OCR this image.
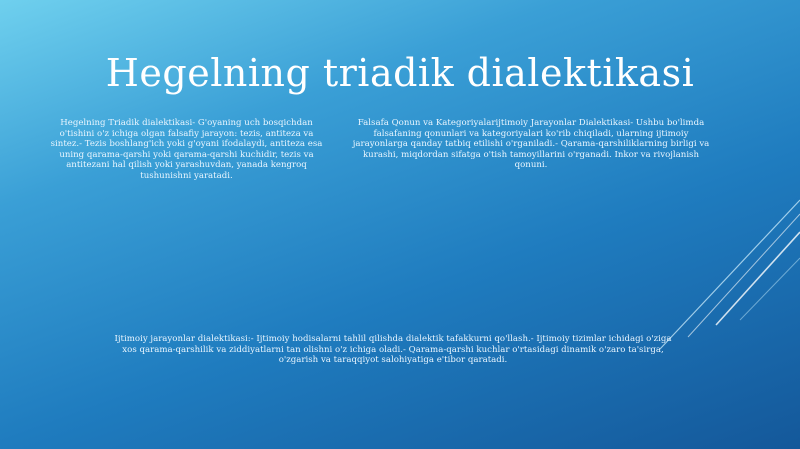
Hegelning triadik dialektikasi
Hegelning Triadik dialektikasi- G'oyaning uch bosqichdan o'tishini o'z ichiga olgan falsafiy jarayon: tezis, antiteza va sintez.- Tezis boshlang'ich yoki g'oyani ifodalaydi, antiteza esa uning qarama-qarshi yoki qarama-qarshi kuchidir, tezis va antitezani hal qilish yoki yarashuvdan, yanada kengroq tushunishni yaratadi.
Falsafa Qonun va Kategoriyalarijtimoiy Jarayonlar Dialektikasi- Ushbu bo'limda falsafaning qonunlari va kategoriyalari ko'rib chiqiladi, ularning ijtimoiy jarayonlarga qanday tatbiq etilishi o'rganiladi.- Qarama-qarshiliklarning birligi va kurashi, miqdordan sifatga o'tish tamoyillarini o'rganadi. Inkor va rivojlanish qonuni.
Ijtimoiy jarayonlar dialektikasi:- Ijtimoiy hodisalarni tahlil qilishda dialektik tafakkurni qo'llash.- Ijtimoiy tizimlar ichidagi o'ziga xos qarama-qarshilik va ziddiyatlarni tan olishni o'z ichiga oladi.- Qarama-qarshi kuchlar o'rtasidagi dinamik o'zaro ta'sirga, o'zgarish va taraqqiyot salohiyatiga e'tibor qaratadi.
